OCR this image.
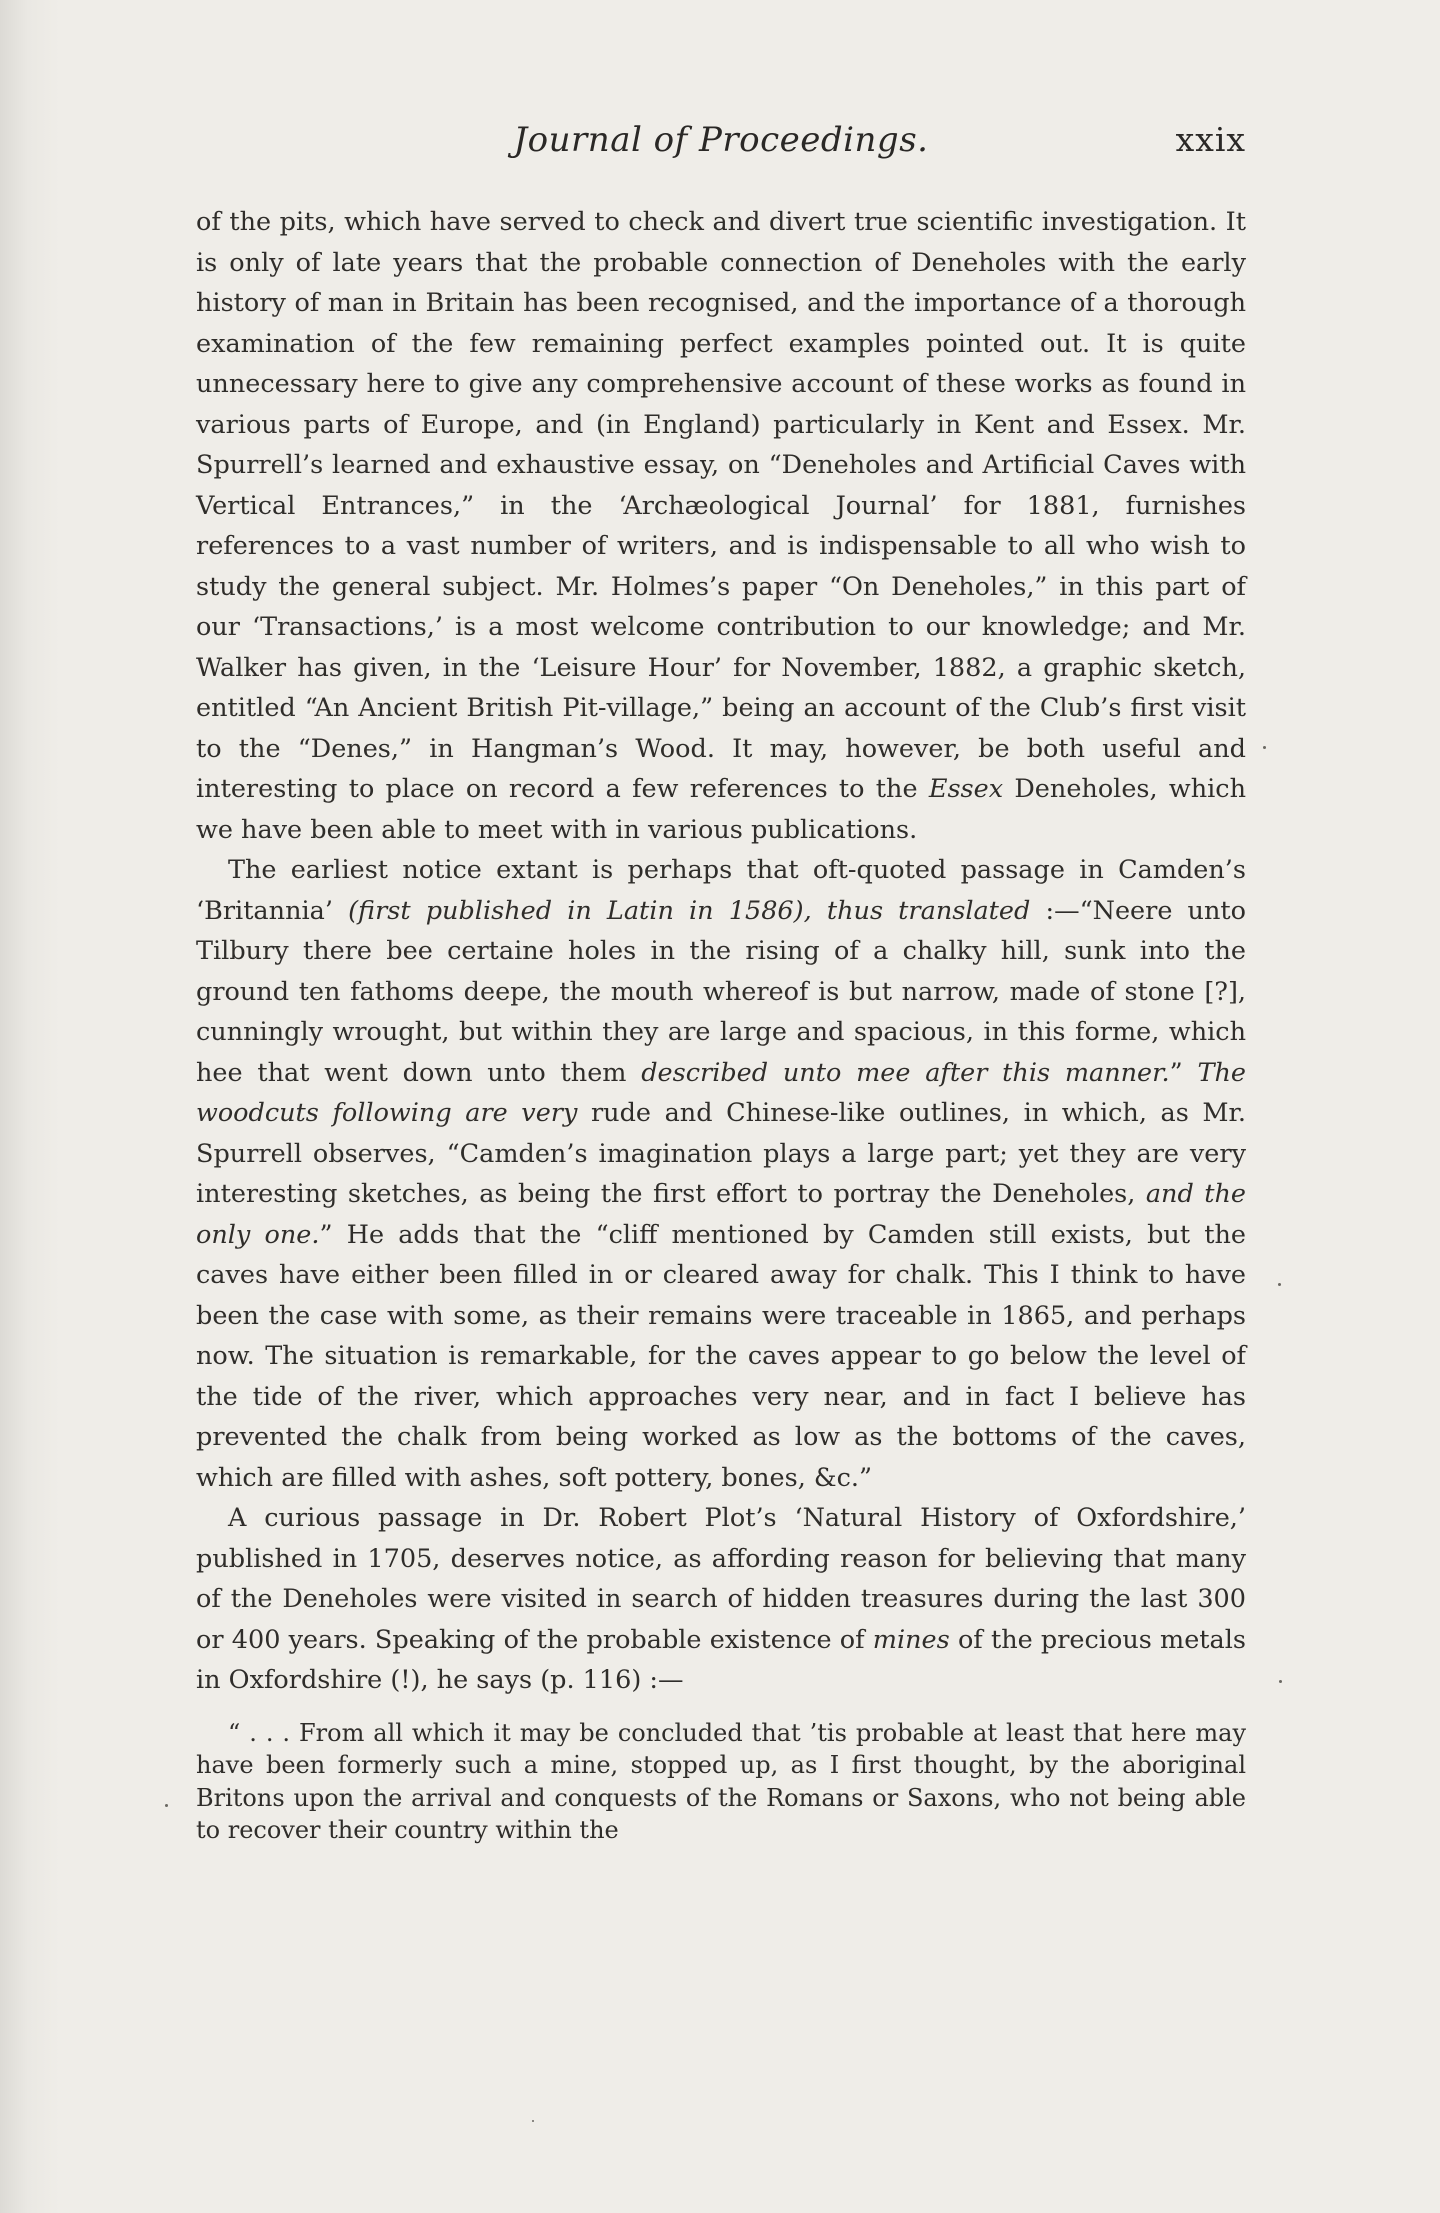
Journal of Proceedings.	xxix

of the pits, which have served to check and divert true scientific investigation. It is only of late years that the probable connection of Deneholes with the early history of man in Britain has been recognised, and the importance of a thorough examination of the few remaining perfect examples pointed out. It is quite unnecessary here to give any comprehensive account of these works as found in various parts of Europe, and (in England) particularly in Kent and Essex. Mr. Spurrell’s learned and exhaustive essay, on “Deneholes and Artificial Caves with Vertical Entrances,” in the ‘Archæological Journal’ for 1881, furnishes references to a vast number of writers, and is indispensable to all who wish to study the general subject. Mr. Holmes’s paper “On Deneholes,” in this part of our ‘Transactions,’ is a most welcome contribution to our knowledge; and Mr. Walker has given, in the ‘Leisure Hour’ for November, 1882, a graphic sketch, entitled “An Ancient British Pit-village,” being an account of the Club’s first visit to the “Denes,” in Hangman’s Wood. It may, however, be both useful and interesting to place on record a few references to the Essex Deneholes, which we have been able to meet with in various publications.

The earliest notice extant is perhaps that oft-quoted passage in Camden’s ‘Britannia’ (first published in Latin in 1586), thus translated :—“Neere unto Tilbury there bee certaine holes in the rising of a chalky hill, sunk into the ground ten fathoms deepe, the mouth whereof is but narrow, made of stone [?], cunningly wrought, but within they are large and spacious, in this forme, which hee that went down unto them described unto mee after this manner.” The woodcuts following are very rude and Chinese-like outlines, in which, as Mr. Spurrell observes, “Camden’s imagination plays a large part; yet they are very interesting sketches, as being the first effort to portray the Deneholes, and the only one.” He adds that the “cliff mentioned by Camden still exists, but the caves have either been filled in or cleared away for chalk. This I think to have been the case with some, as their remains were traceable in 1865, and perhaps now. The situation is remarkable, for the caves appear to go below the level of the tide of the river, which approaches very near, and in fact I believe has prevented the chalk from being worked as low as the bottoms of the caves, which are filled with ashes, soft pottery, bones, &c.”

A curious passage in Dr. Robert Plot’s ‘Natural History of Oxfordshire,’ published in 1705, deserves notice, as affording reason for believing that many of the Deneholes were visited in search of hidden treasures during the last 300 or 400 years. Speaking of the probable existence of mines of the precious metals in Oxfordshire (!), he says (p. 116) :—

“ . . . From all which it may be concluded that ’tis probable at least that here may have been formerly such a mine, stopped up, as I first thought, by the aboriginal Britons upon the arrival and conquests of the Romans or Saxons, who not being able to recover their country within the
